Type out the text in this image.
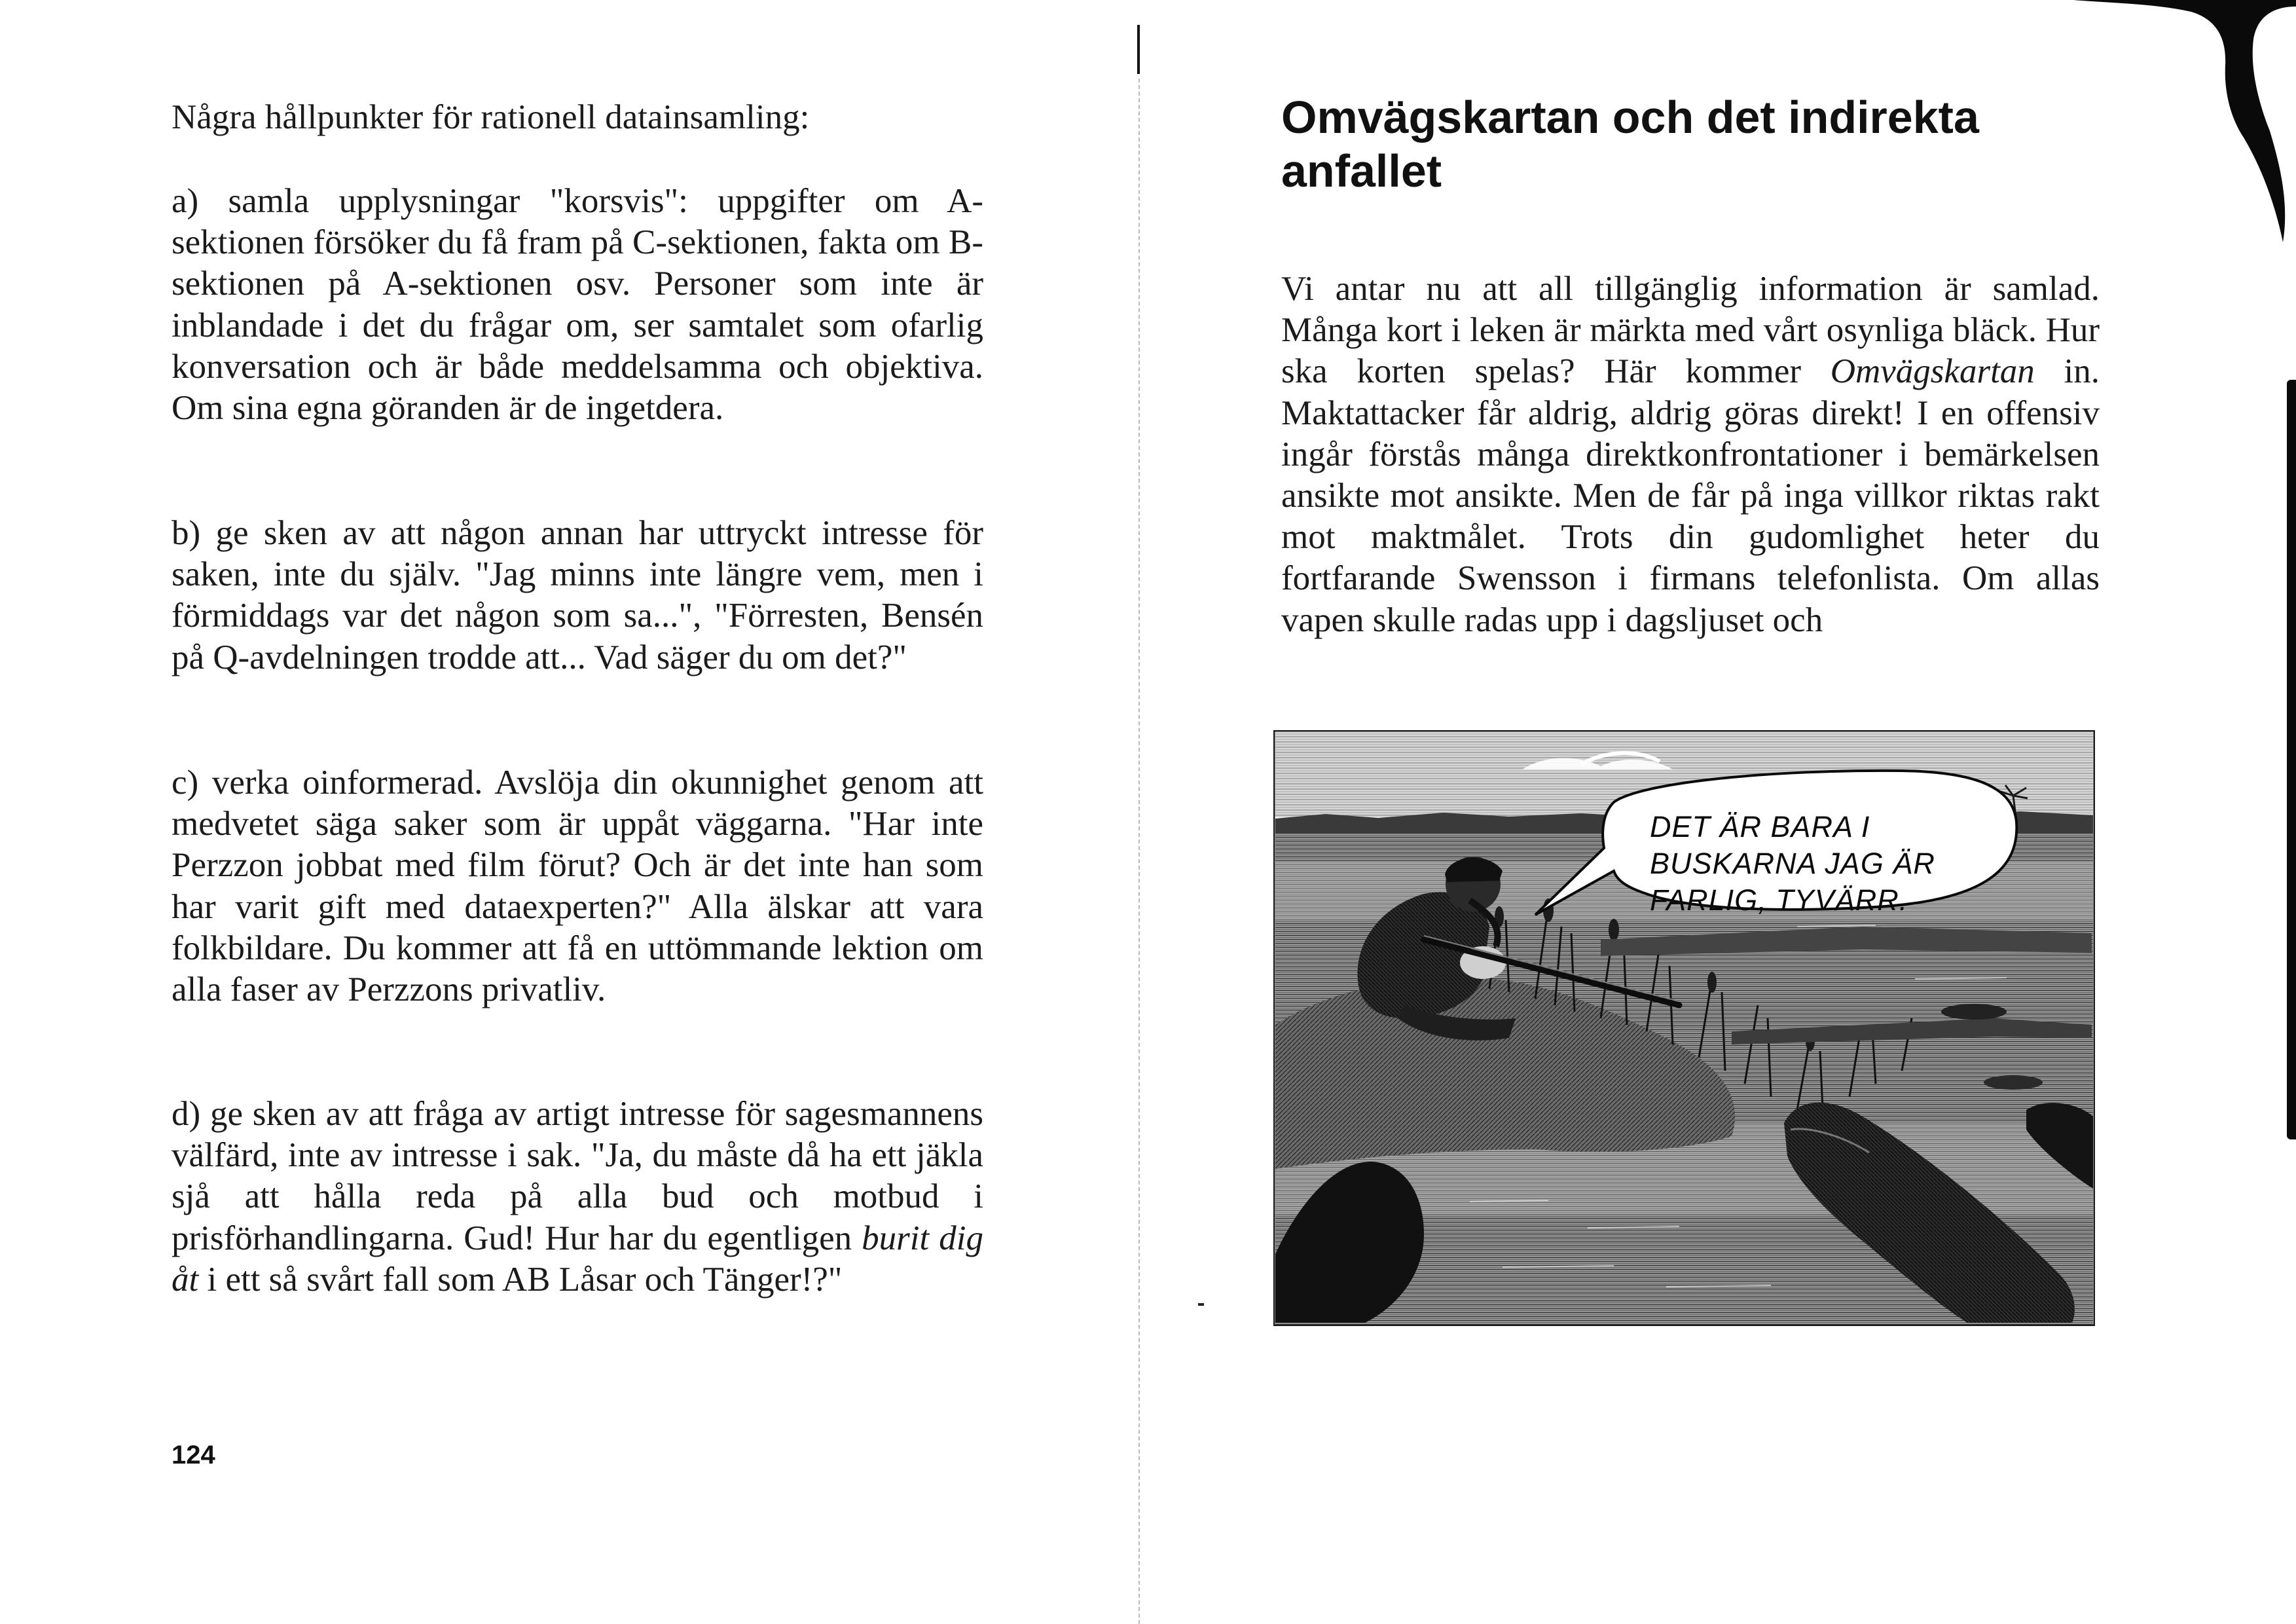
Några hållpunkter för rationell datainsamling:

a) samla upplysningar "korsvis": uppgifter om A-sektionen försöker du få fram på C-sektionen, fakta om B-sektionen på A-sektionen osv. Personer som inte är inblandade i det du frågar om, ser samtalet som ofarlig konversation och är både meddelsamma och objektiva. Om sina egna göranden är de ingetdera.

b) ge sken av att någon annan har uttryckt intresse för saken, inte du själv. "Jag minns inte längre vem, men i förmiddags var det någon som sa...", "Förresten, Bensén på Q-avdelningen trodde att... Vad säger du om det?"

c) verka oinformerad. Avslöja din okunnighet genom att medvetet säga saker som är uppåt väggarna. "Har inte Perzzon jobbat med film förut? Och är det inte han som har varit gift med dataexperten?" Alla älskar att vara folkbildare. Du kommer att få en uttömmande lektion om alla faser av Perzzons privatliv.

d) ge sken av att fråga av artigt intresse för sagesmannens välfärd, inte av intresse i sak. "Ja, du måste då ha ett jäkla sjå att hålla reda på alla bud och motbud i prisförhandlingarna. Gud! Hur har du egentligen burit dig åt i ett så svårt fall som AB Låsar och Tänger!?"

124
Omvägskartan och det indirekta anfallet

Vi antar nu att all tillgänglig information är samlad. Många kort i leken är märkta med vårt osynliga bläck. Hur ska korten spelas? Här kommer Omvägskartan in. Maktattacker får aldrig, aldrig göras direkt! I en offensiv ingår förstås många direktkonfrontationer i bemärkelsen ansikte mot ansikte. Men de får på inga villkor riktas rakt mot maktmålet. Trots din gudomlighet heter du fortfarande Swensson i firmans telefonlista. Om allas vapen skulle radas upp i dagsljuset och

DET ÄR BARA I BUSKARNA JAG ÄR FARLIG, TYVÄRR.
